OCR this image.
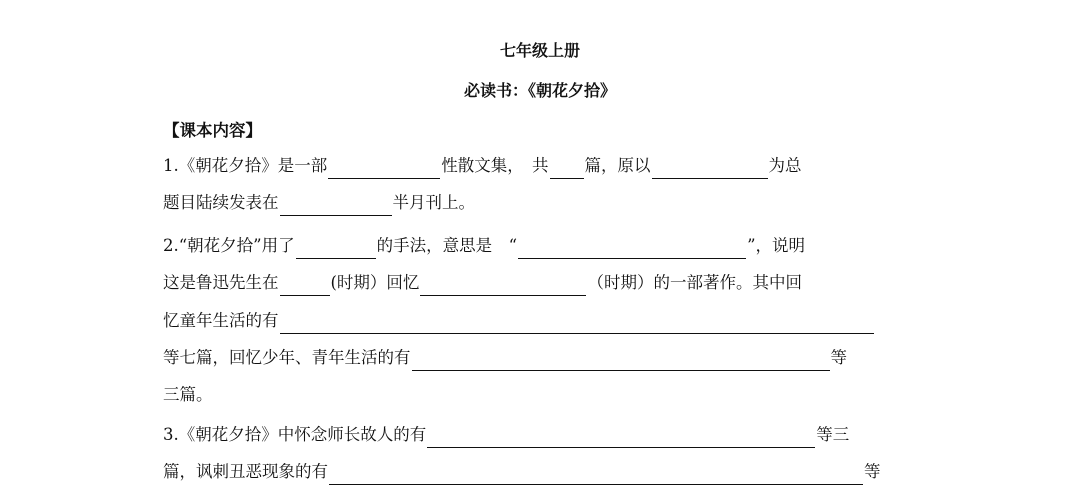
七年级上册
必读书：《朝花夕拾》
【课本内容】
1.《朝花夕拾》是一部	性散文集，　共 篇，原以	为总
题目陆续发表在	半月刊上。
2.“朝花夕拾”用了	的手法，意思是　“	”，说明
这是鲁迅先生在	(时期）回忆	（时期）的一部著作。其中回
忆童年生活的有
等七篇，回忆少年、青年生活的有	等
三篇。
3.《朝花夕拾》中怀念师长故人的有	等三
篇，讽刺丑恶现象的有	等
